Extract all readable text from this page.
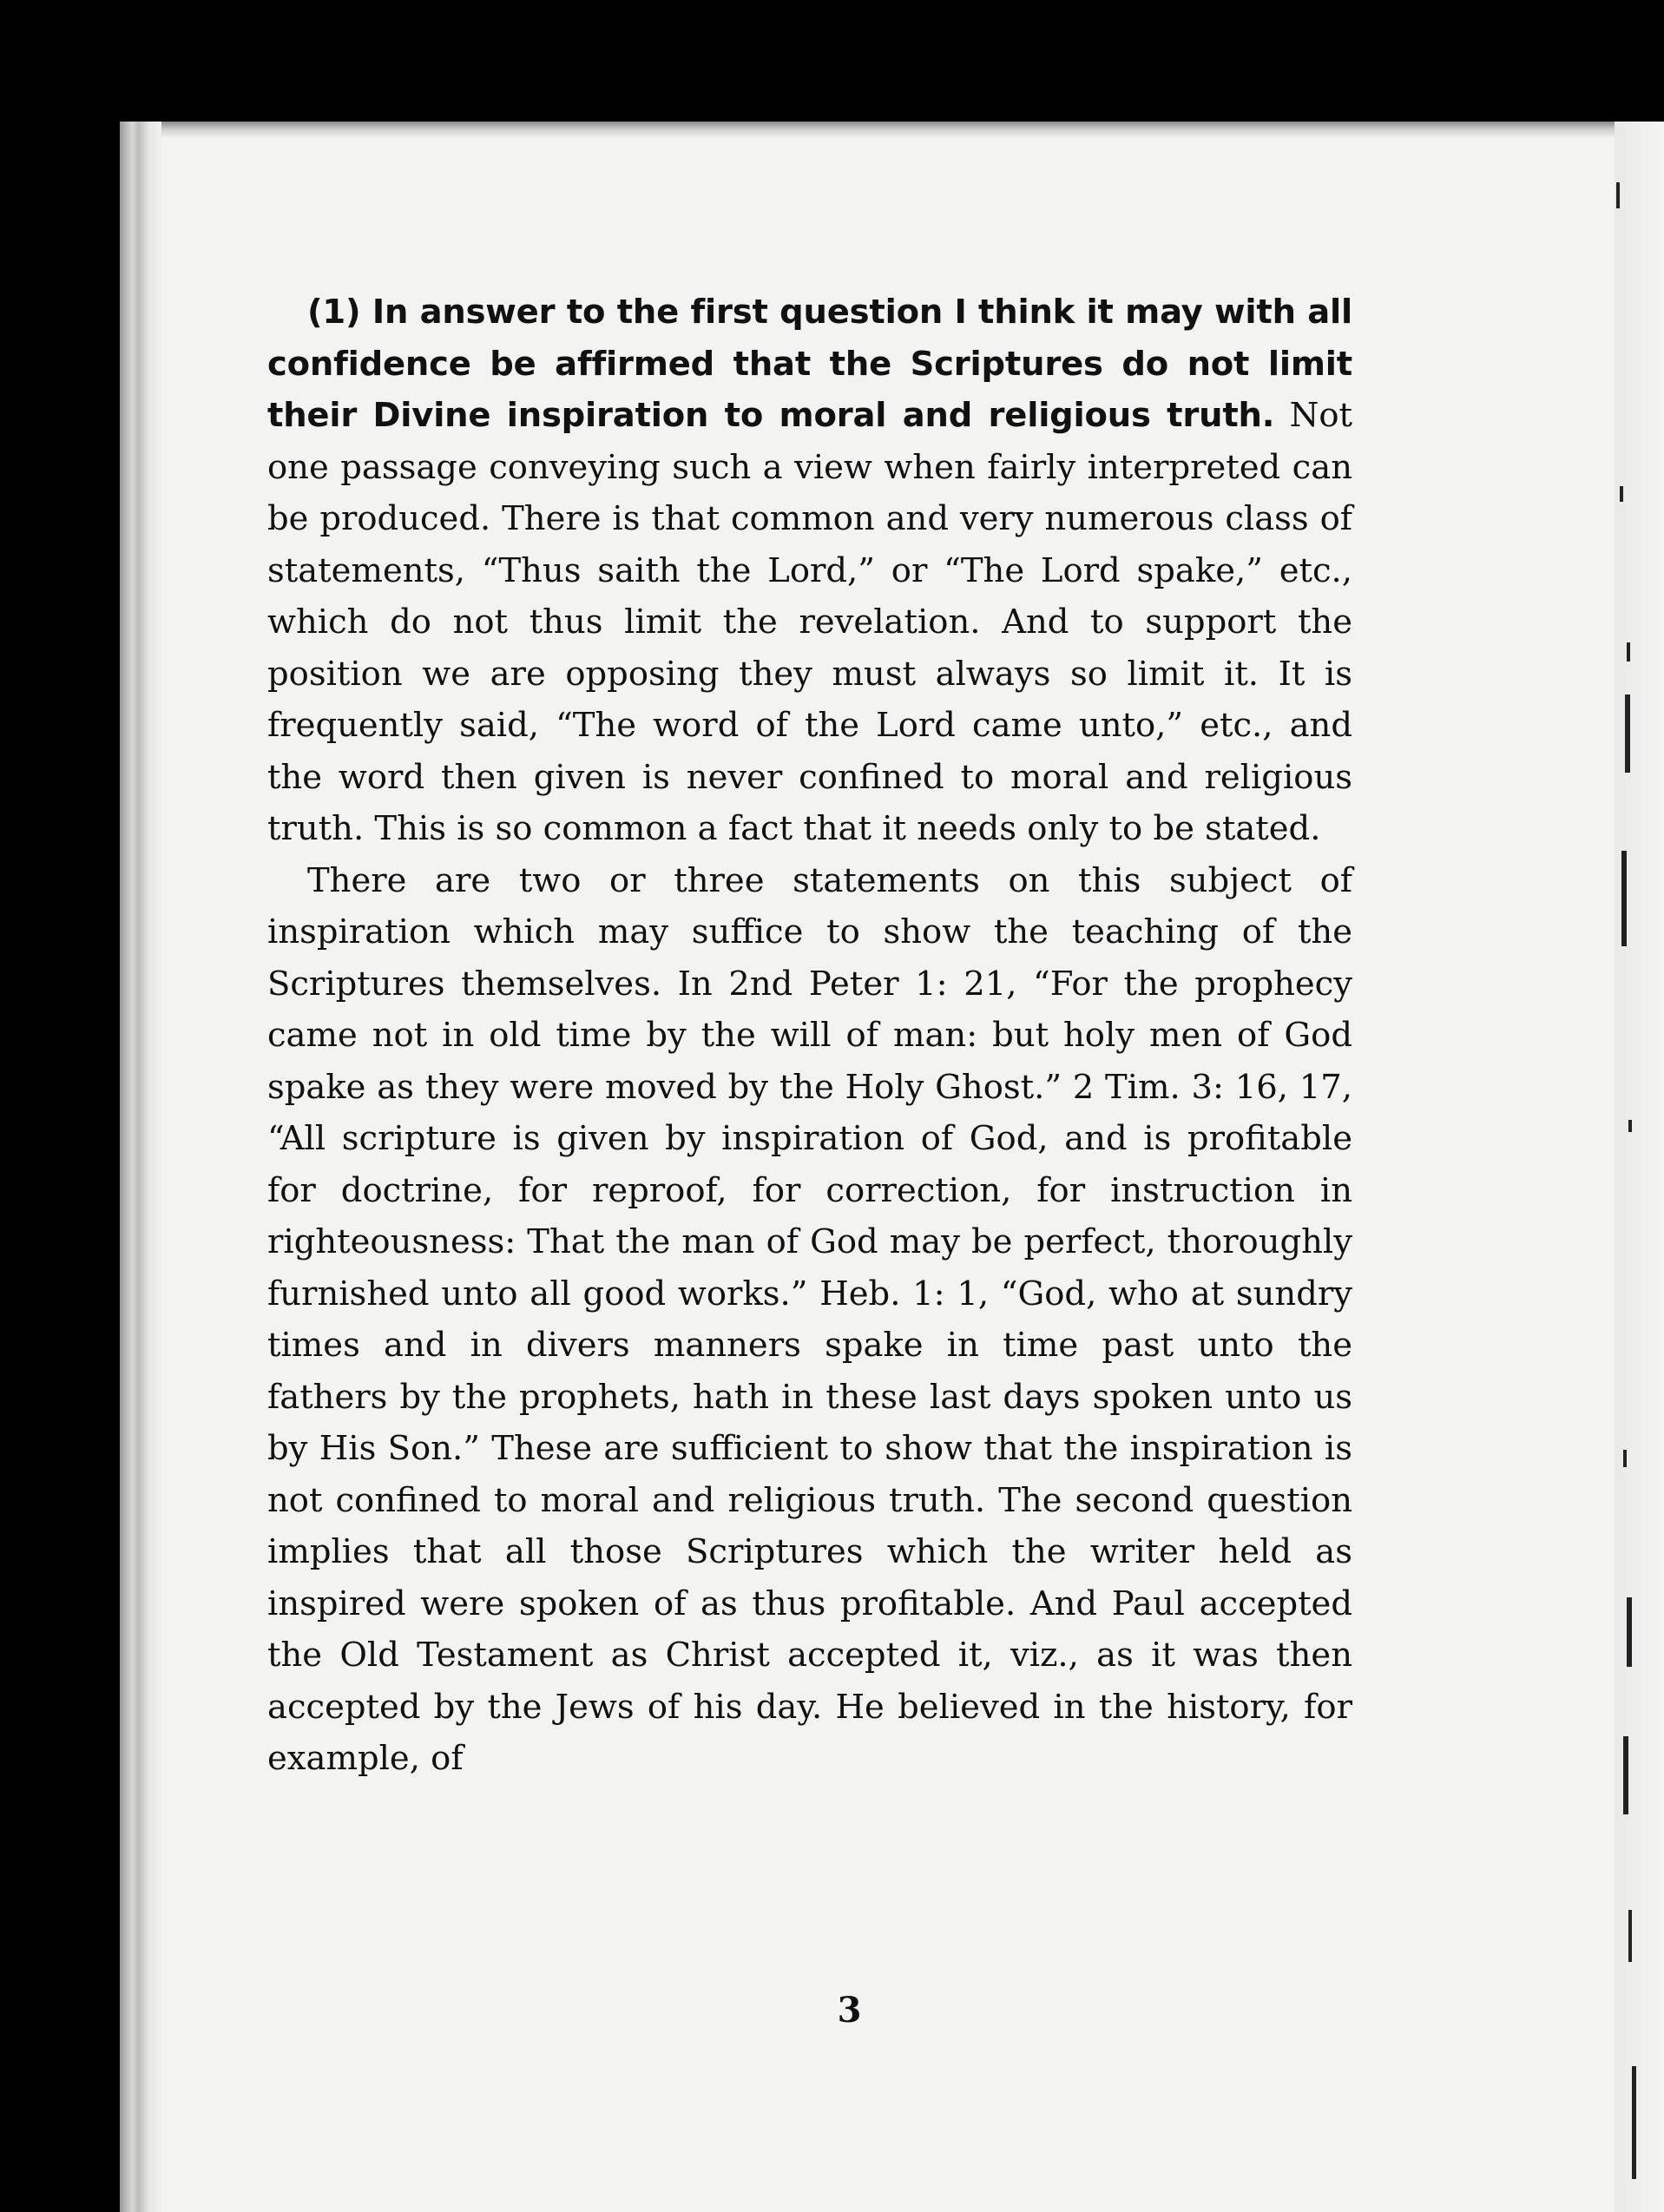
(1) In answer to the first question I think it may with all confidence be affirmed that the Scriptures do not limit their Divine inspiration to moral and religious truth. Not one passage conveying such a view when fairly interpreted can be produced. There is that common and very numerous class of statements, “Thus saith the Lord,” or “The Lord spake,” etc., which do not thus limit the revelation. And to support the position we are opposing they must always so limit it. It is frequently said, “The word of the Lord came unto,” etc., and the word then given is never confined to moral and religious truth. This is so common a fact that it needs only to be stated.

There are two or three statements on this subject of inspiration which may suffice to show the teaching of the Scriptures themselves. In 2nd Peter 1: 21, “For the prophecy came not in old time by the will of man: but holy men of God spake as they were moved by the Holy Ghost.” 2 Tim. 3: 16, 17, “All scripture is given by inspiration of God, and is profitable for doctrine, for reproof, for correction, for instruction in righteousness: That the man of God may be perfect, thoroughly furnished unto all good works.” Heb. 1: 1, “God, who at sundry times and in divers manners spake in time past unto the fathers by the prophets, hath in these last days spoken unto us by His Son.” These are sufficient to show that the inspiration is not confined to moral and religious truth. The second question implies that all those Scriptures which the writer held as inspired were spoken of as thus profitable. And Paul accepted the Old Testament as Christ accepted it, viz., as it was then accepted by the Jews of his day. He believed in the history, for example, of

3
